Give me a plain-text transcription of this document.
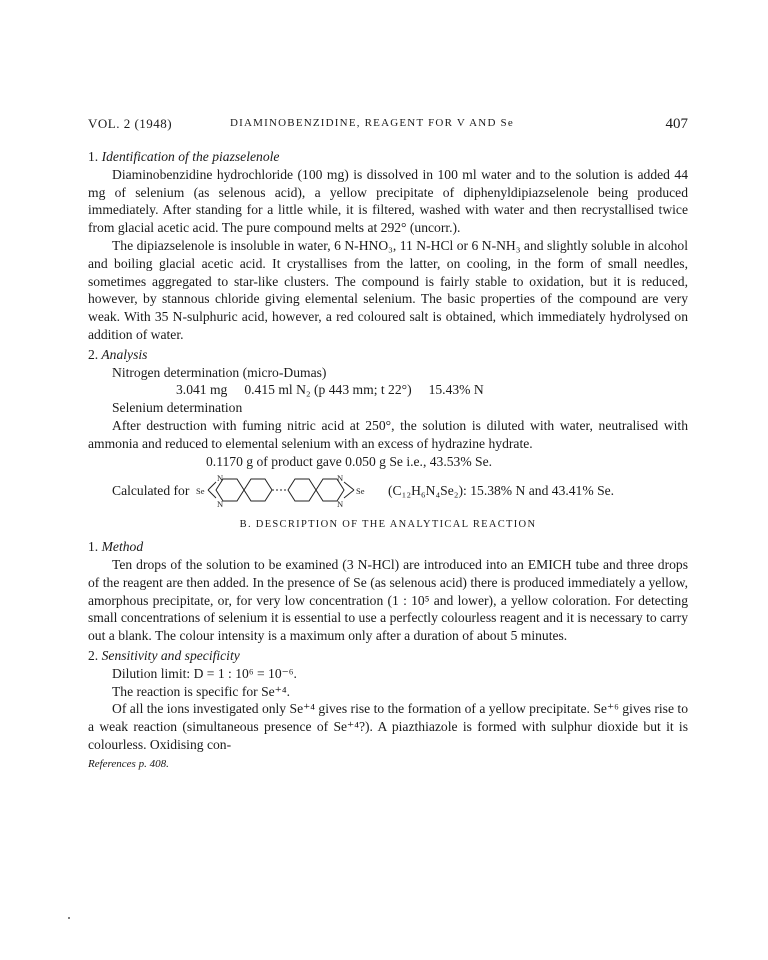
VOL. 2 (1948)	DIAMINOBENZIDINE, REAGENT FOR V AND Se	407

1. Identification of the piazselenole

Diaminobenzidine hydrochloride (100 mg) is dissolved in 100 ml water and to the solution is added 44 mg of selenium (as selenous acid), a yellow precipitate of diphenyldipiazselenole being produced immediately. After standing for a little while, it is filtered, washed with water and then recrystallised twice from glacial acetic acid. The pure compound melts at 292° (uncorr.).

The dipiazselenole is insoluble in water, 6 N-HNO₃, 11 N-HCl or 6 N-NH₃ and slightly soluble in alcohol and boiling glacial acetic acid. It crystallises from the latter, on cooling, in the form of small needles, sometimes aggregated to star-like clusters. The compound is fairly stable to oxidation, but it is reduced, however, by stannous chloride giving elemental selenium. The basic properties of the compound are very weak. With 35 N-sulphuric acid, however, a red coloured salt is obtained, which immediately hydrolysed on addition of water.

2. Analysis

Nitrogen determination (micro-Dumas)

3.041 mg     0.415 ml N₂ (p 443 mm; t 22°)     15.43% N

Selenium determination

After destruction with fuming nitric acid at 250°, the solution is diluted with water, neutralised with ammonia and reduced to elemental selenium with an excess of hydrazine hydrate.

0.1170 g of product gave 0.050 g Se i.e., 43.53% Se.

Calculated for Se
N
N
N
N
Se (C₁₂H₆N₄Se₂): 15.38% N and 43.41% Se.

B. DESCRIPTION OF THE ANALYTICAL REACTION

1. Method

Ten drops of the solution to be examined (3 N-HCl) are introduced into an EMICH tube and three drops of the reagent are then added. In the presence of Se (as selenous acid) there is produced immediately a yellow, amorphous precipitate, or, for very low concentration (1 : 10⁵ and lower), a yellow coloration. For detecting small concentrations of selenium it is essential to use a perfectly colourless reagent and it is necessary to carry out a blank. The colour intensity is a maximum only after a duration of about 5 minutes.

2. Sensitivity and specificity

Dilution limit: D = 1 : 10⁶ = 10⁻⁶.

The reaction is specific for Se⁺⁴.

Of all the ions investigated only Se⁺⁴ gives rise to the formation of a yellow precipitate. Se⁺⁶ gives rise to a weak reaction (simultaneous presence of Se⁺⁴?). A piazthiazole is formed with sulphur dioxide but it is colourless. Oxidising con-

References p. 408.
